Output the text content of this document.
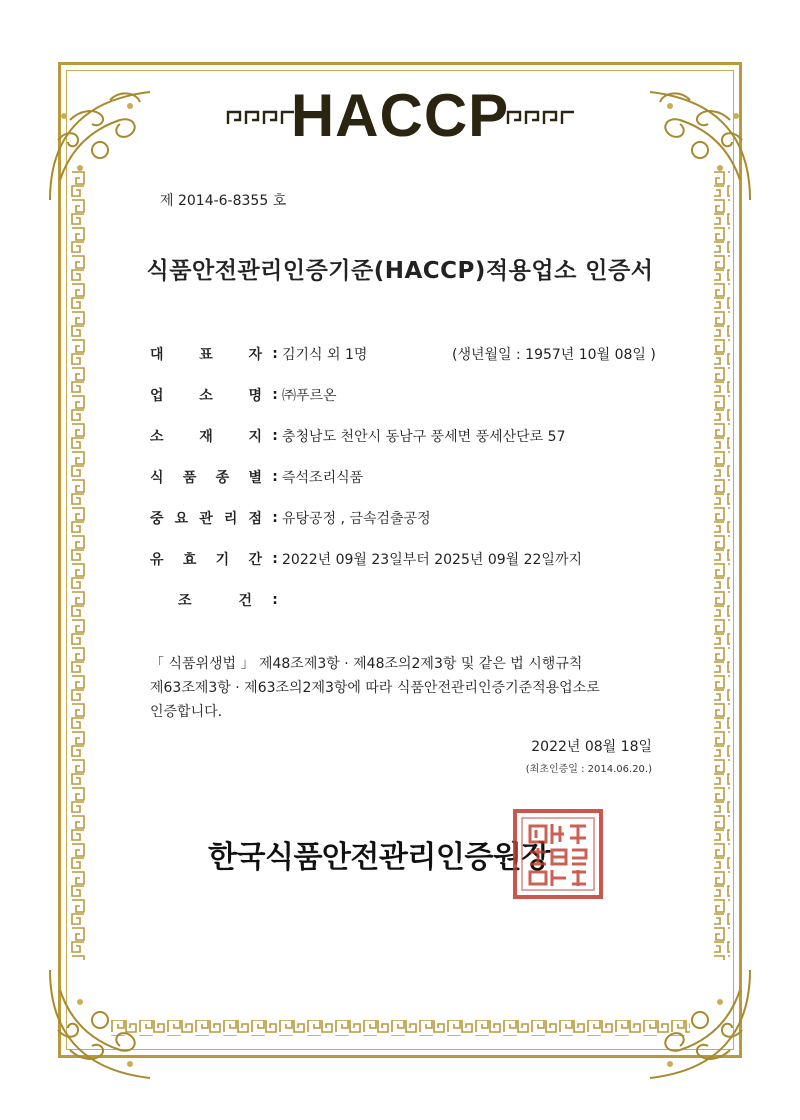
HACCP
제 2014-6-8355 호
식품안전관리인증기준(HACCP)적용업소 인증서
대	표	자 : 김기식 외 1명	(생년월일 : 1957년 10월 08일 )
업	소	명 : ㈜푸르온
소	재	지 : 충청남도 천안시 동남구 풍세면 풍세산단로 57
식 품 종 별 : 즉석조리식품
중 요 관 리 점 : 유탕공정 , 금속검출공정
유 효 기 간 : 2022년 09월 23일부터 2025년 09월 22일까지
조	건 :
「 식품위생법 」 제48조제3항 · 제48조의2제3항 및 같은 법 시행규칙
제63조제3항 · 제63조의2제3항에 따라 식품안전관리인증기준적용업소로
인증합니다.
2022년 08월 18일
(최초인증일 : 2014.06.20.)
한국식품안전관리인증원장
